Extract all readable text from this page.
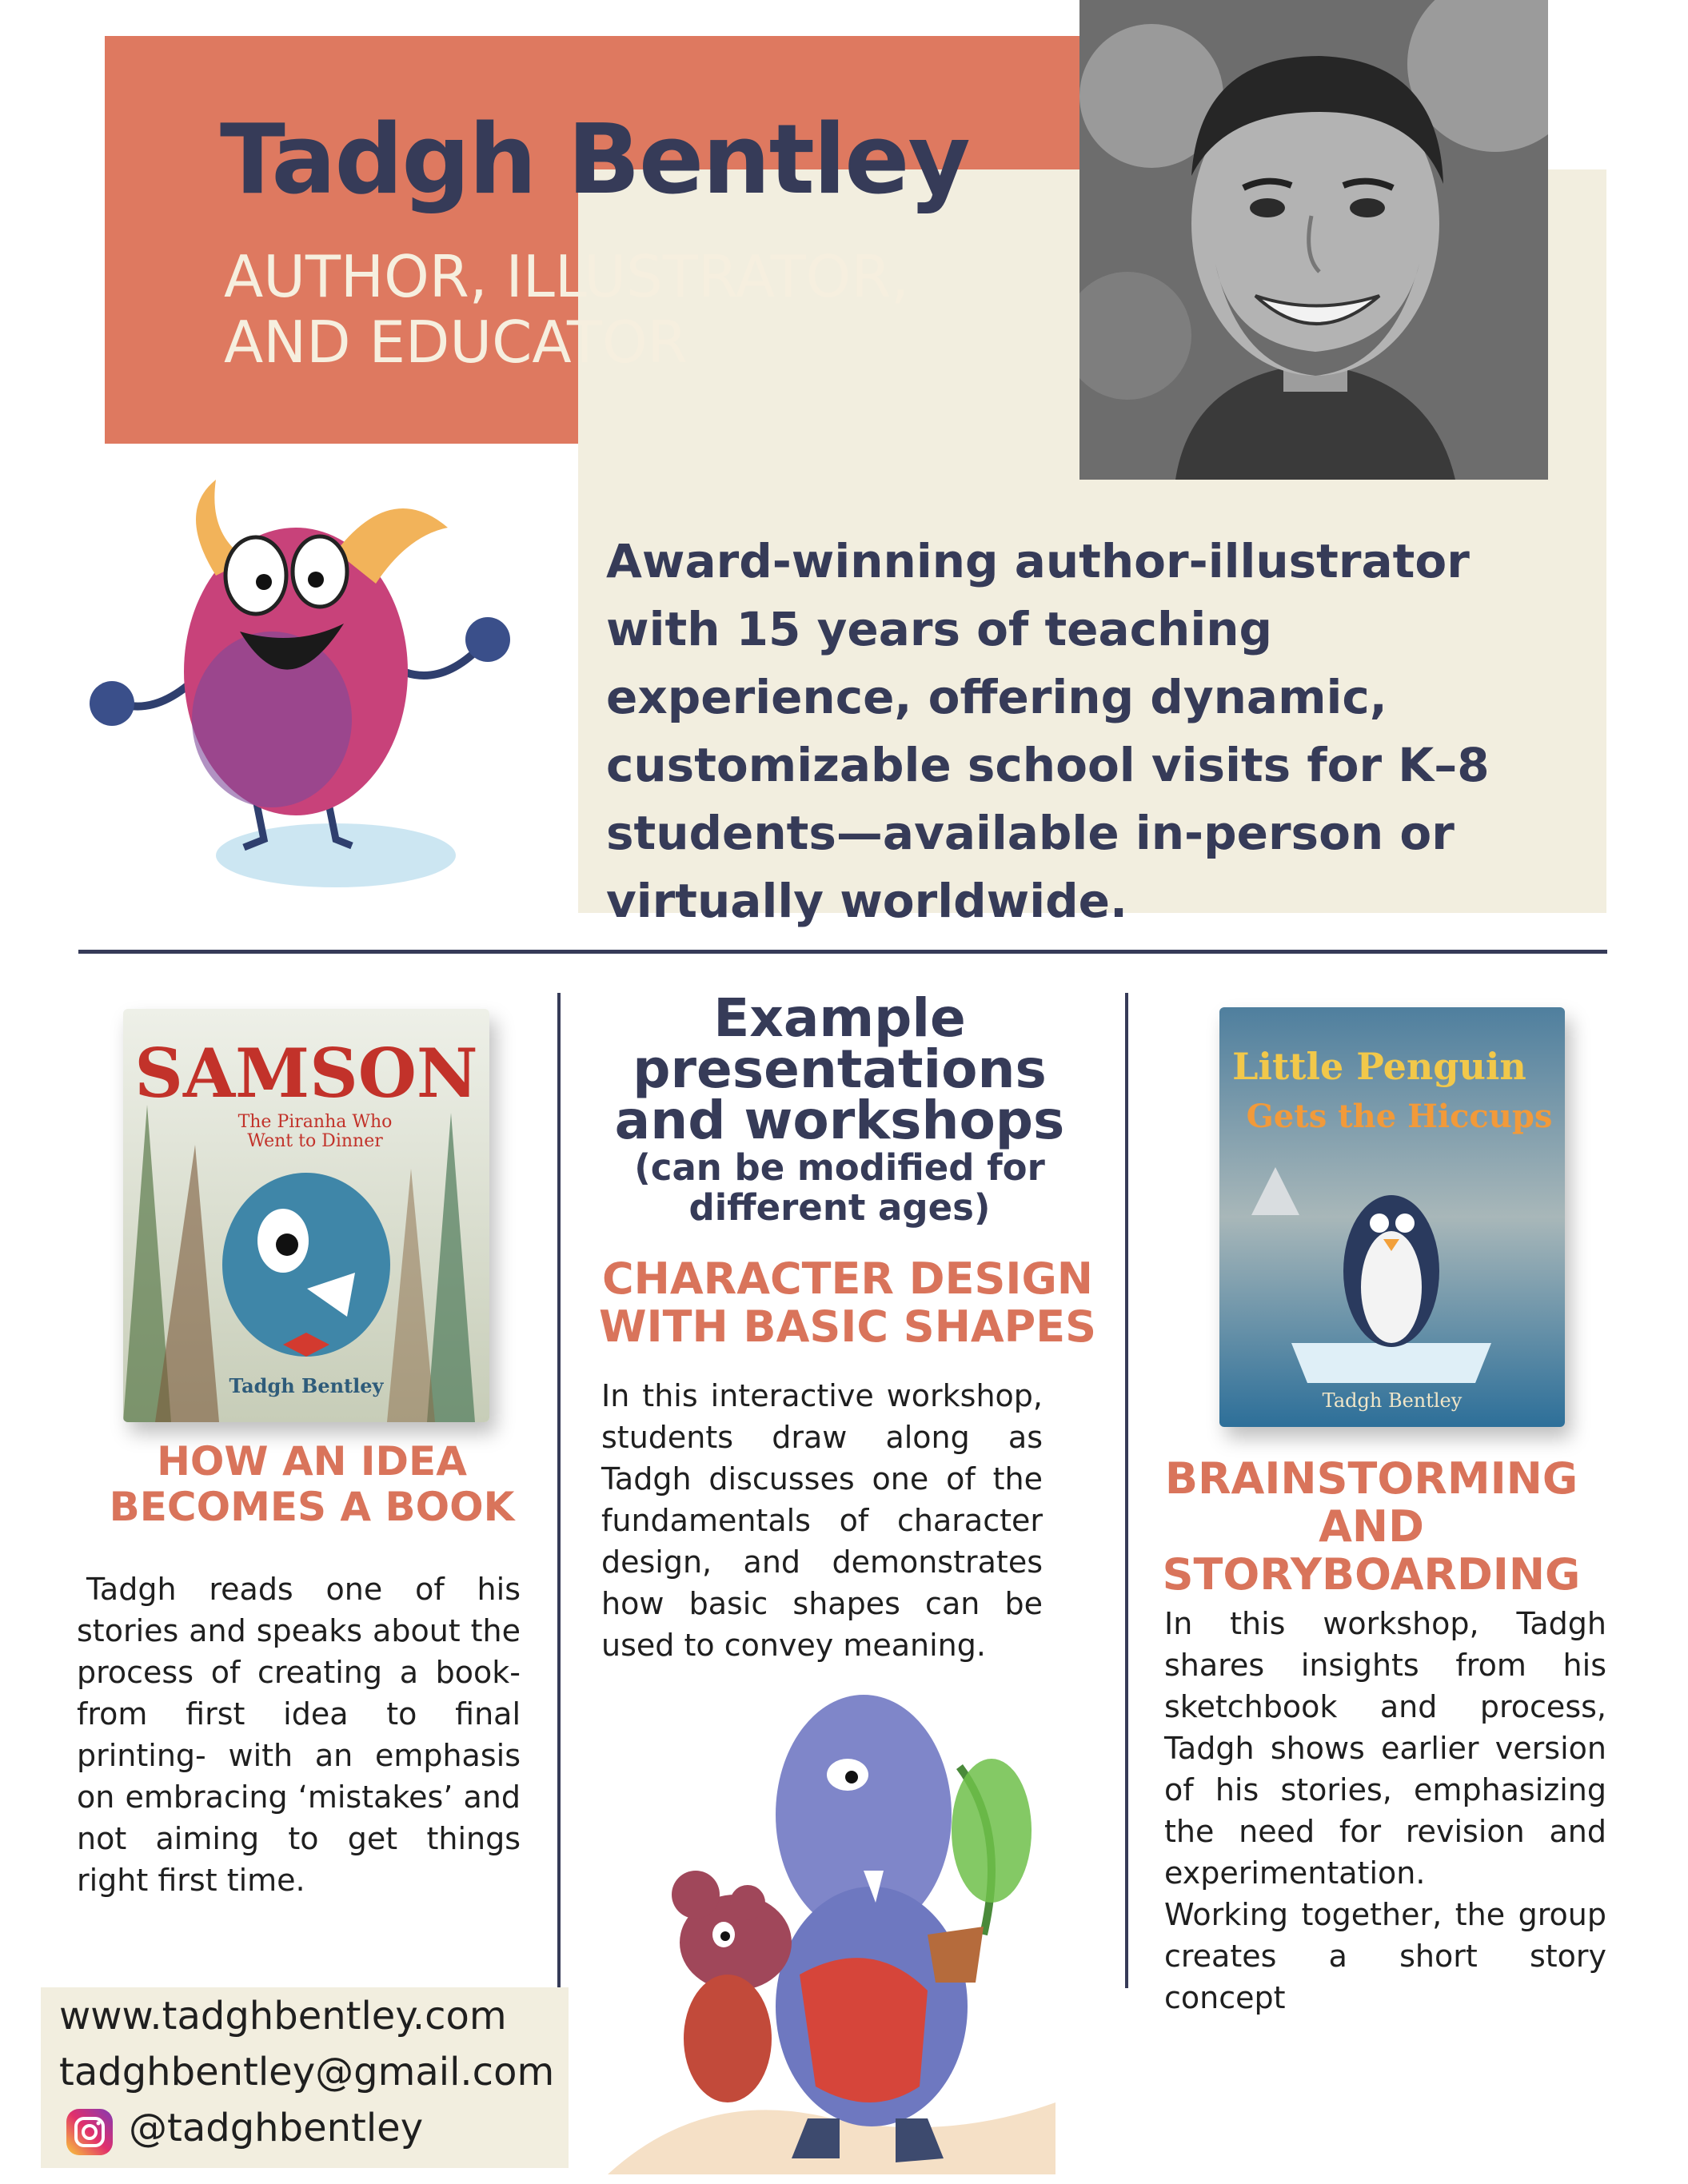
Tadgh Bentley
AUTHOR, ILLUSTRATOR,
AND EDUCATOR
Award-winning author-illustrator with 15 years of teaching experience, offering dynamic, customizable school visits for K–8 students—available in-person or virtually worldwide.
SAMSON
The Piranha Who
Went to Dinner
Tadgh Bentley
Little Penguin
Gets the Hiccups
Tadgh Bentley
HOW AN IDEA
BECOMES A BOOK
Tadgh reads one of his stories and speaks about the process of creating a book- from first idea to final printing- with an emphasis on embracing ‘mistakes’ and not aiming to get things right first time.
Example
presentations
and workshops
(can be modified for
different ages)
CHARACTER DESIGN
WITH BASIC SHAPES
In this interactive workshop, students draw along as Tadgh discusses one of the fundamentals of character design, and demonstrates how basic shapes can be used to convey meaning.
BRAINSTORMING
AND
STORYBOARDING

In this workshop, Tadgh shares insights from his sketchbook and process, Tadgh shows earlier version of his stories, emphasizing the need for revision and experimentation.

Working together, the group creates a short story concept

www.tadghbentley.com
tadghbentley@gmail.com
@tadghbentley
